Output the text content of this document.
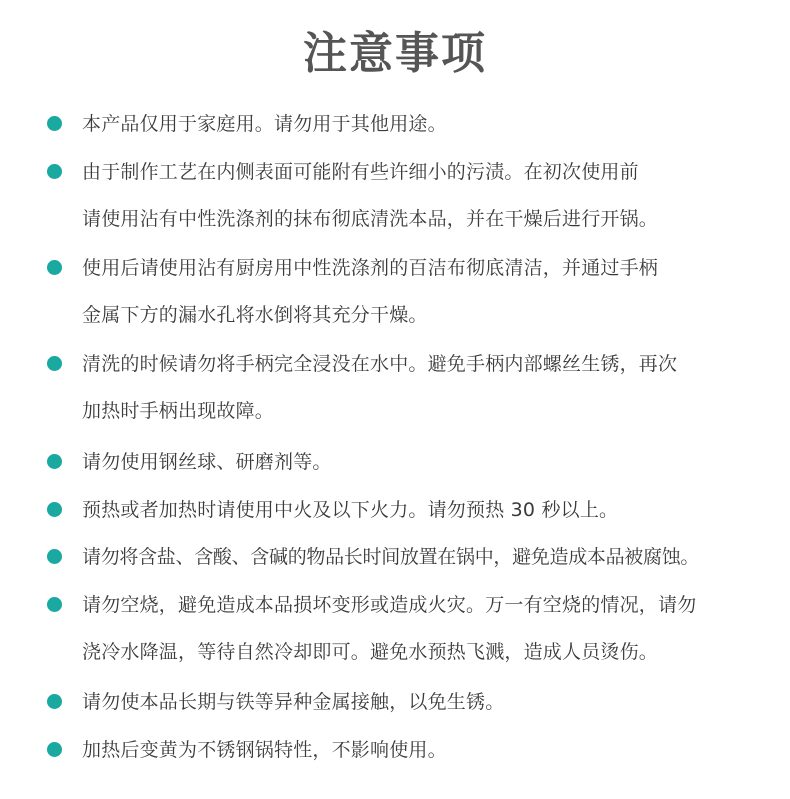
注意事项
本产品仅用于家庭用。请勿用于其他用途。
由于制作工艺在内侧表面可能附有些许细小的污渍。在初次使用前
请使用沾有中性洗涤剂的抹布彻底清洗本品，并在干燥后进行开锅。
使用后请使用沾有厨房用中性洗涤剂的百洁布彻底清洁，并通过手柄
金属下方的漏水孔将水倒将其充分干燥。
清洗的时候请勿将手柄完全浸没在水中。避免手柄内部螺丝生锈，再次
加热时手柄出现故障。
请勿使用钢丝球、研磨剂等。
预热或者加热时请使用中火及以下火力。请勿预热 30 秒以上。
请勿将含盐、含酸、含碱的物品长时间放置在锅中，避免造成本品被腐蚀。
请勿空烧，避免造成本品损坏变形或造成火灾。万一有空烧的情况，请勿
浇冷水降温，等待自然冷却即可。避免水预热飞溅，造成人员烫伤。
请勿使本品长期与铁等异种金属接触，以免生锈。
加热后变黄为不锈钢锅特性，不影响使用。
